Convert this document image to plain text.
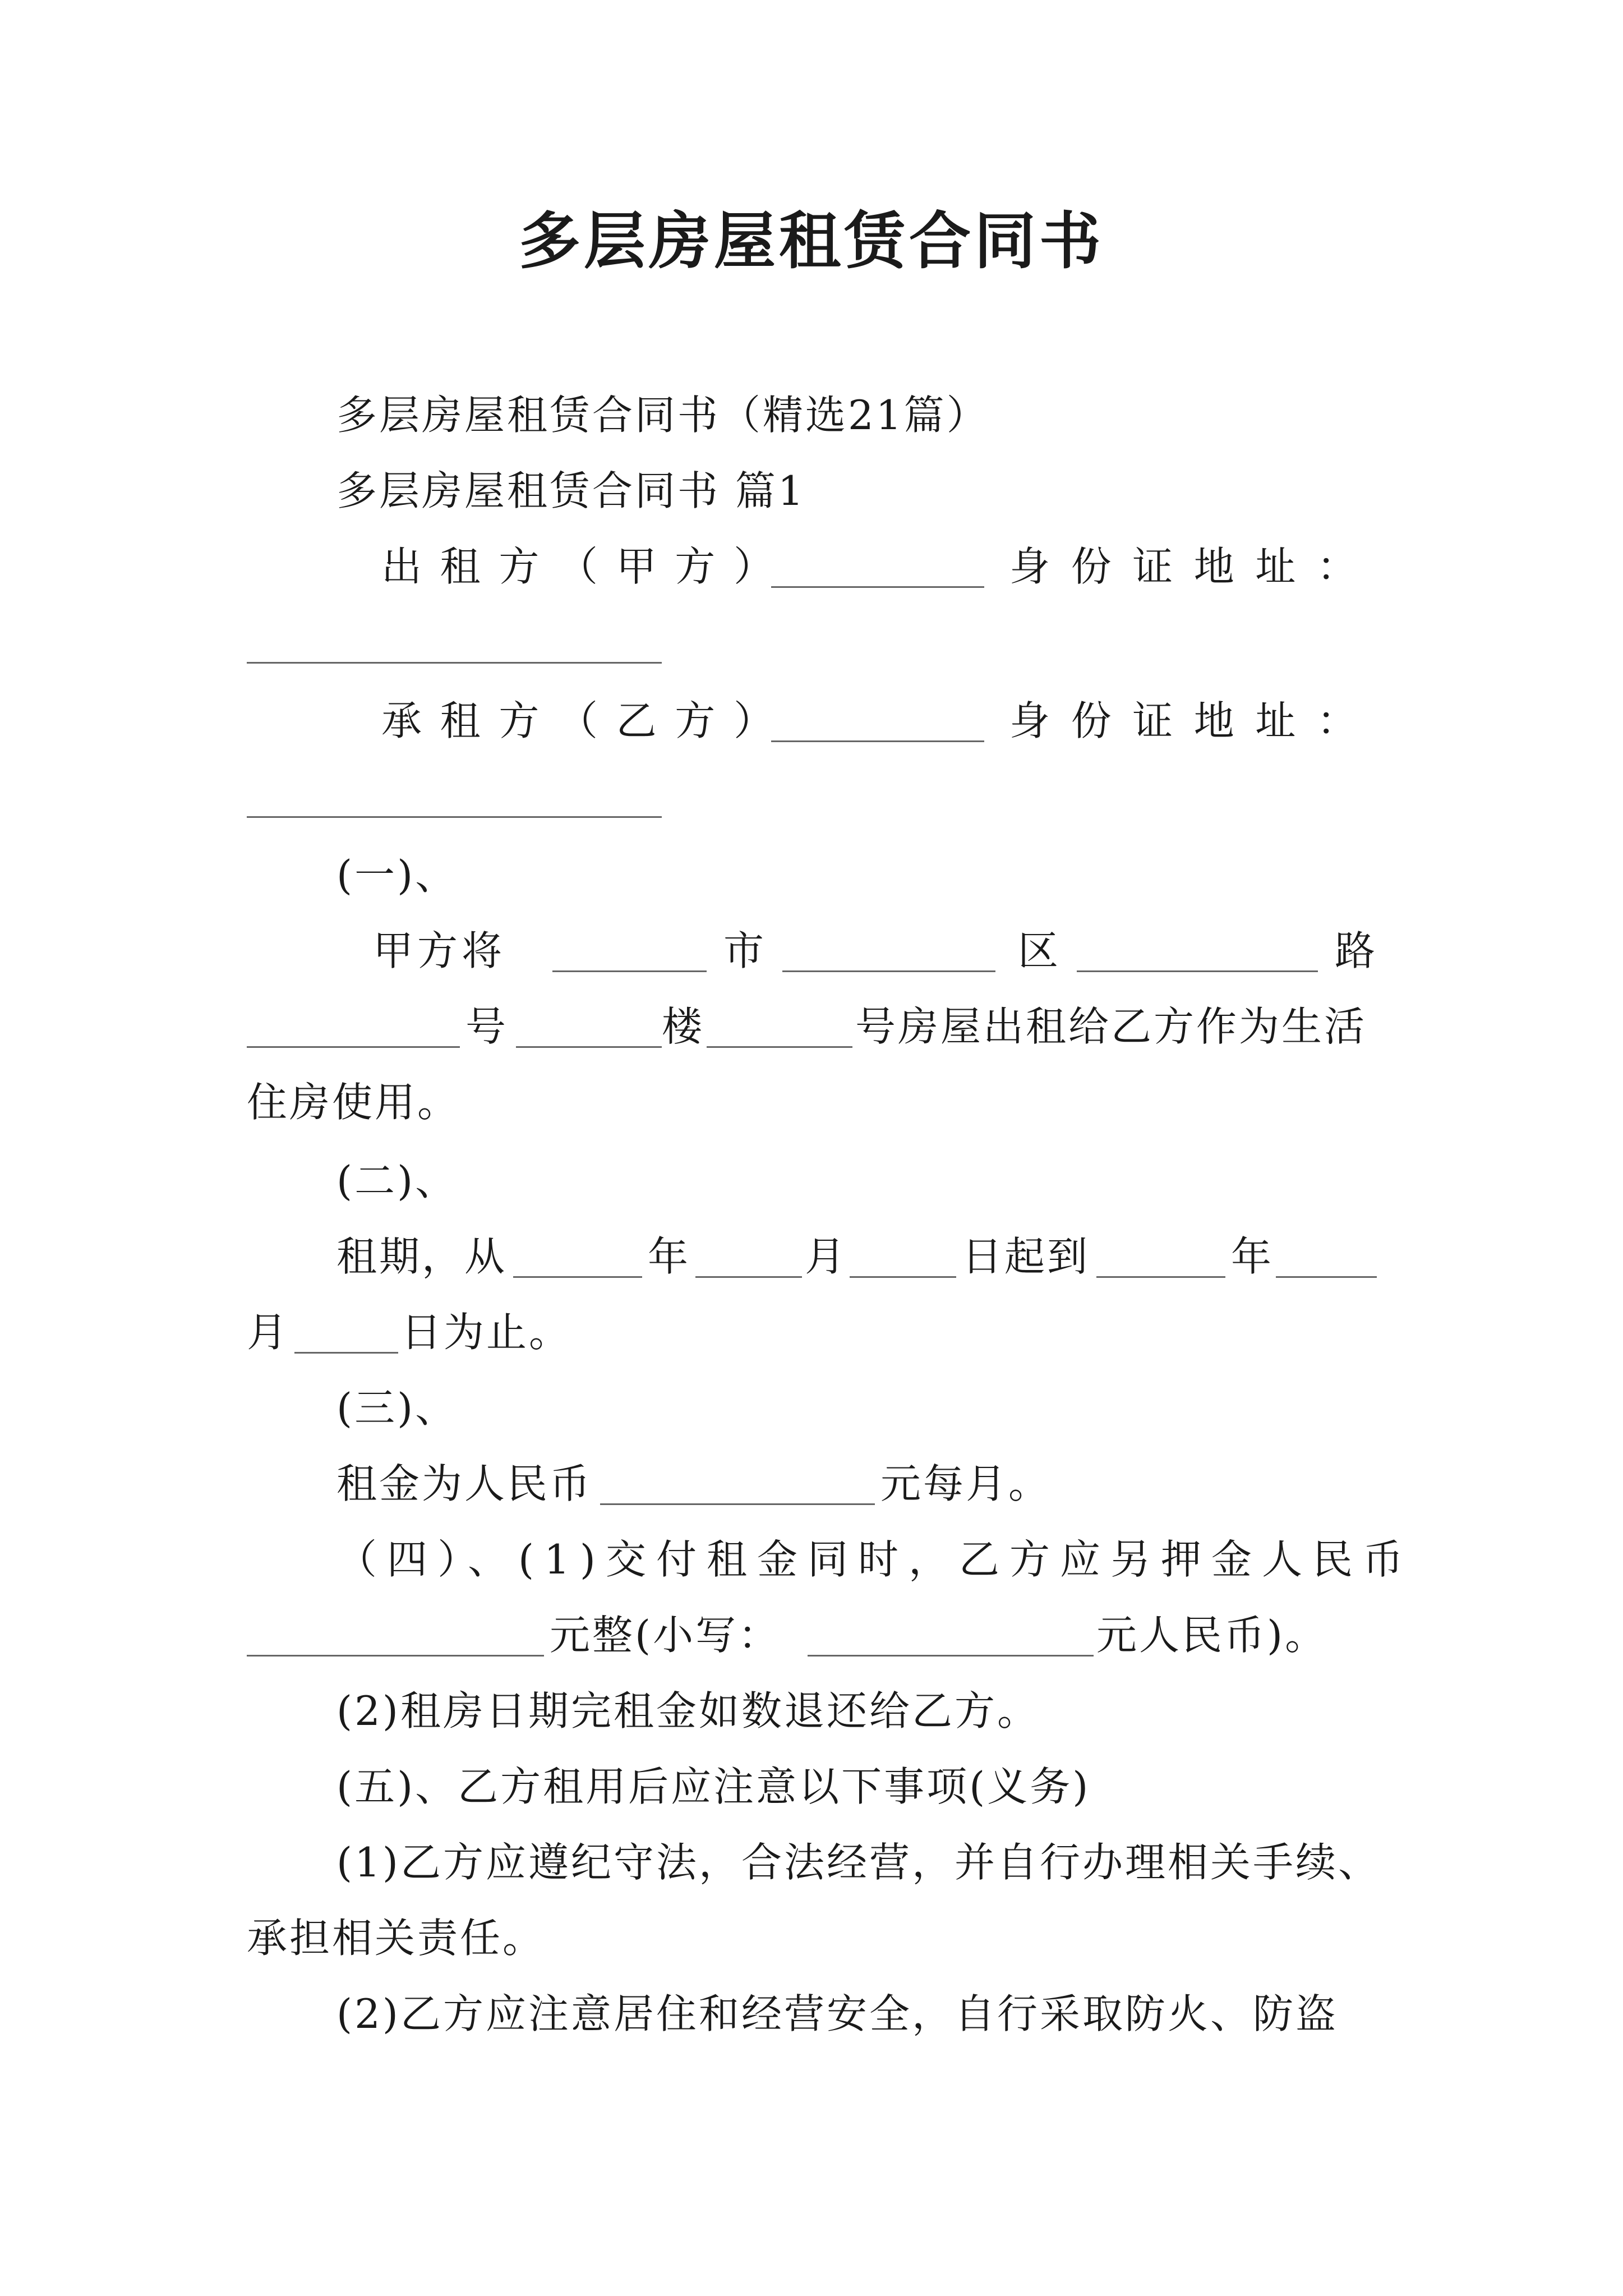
多层房屋租赁合同书
多层房屋租赁合同书（精选21篇）
多层房屋租赁合同书 篇1
出 租 方 （ 甲 方 ）	身 份 证 地 址 ：
承 租 方 （ 乙 方 ）	身 份 证 地 址 ：
(一)、
甲 方 将	市	区	路
号	楼	号房屋出租给乙方作为生活
住房使用。
(二)、
租期，从	年	月	日起到	年
月	日为止。
(三)、
租金为人民币	元每月。
（四）、(1)交付租金同时，乙方应另押金人民币
元整(小写：	元人民币)。
(2)租房日期完租金如数退还给乙方。
(五)、乙方租用后应注意以下事项(义务)
(1)乙方应遵纪守法，合法经营，并自行办理相关手续、
承担相关责任。
(2)乙方应注意居住和经营安全，自行采取防火、防盗
